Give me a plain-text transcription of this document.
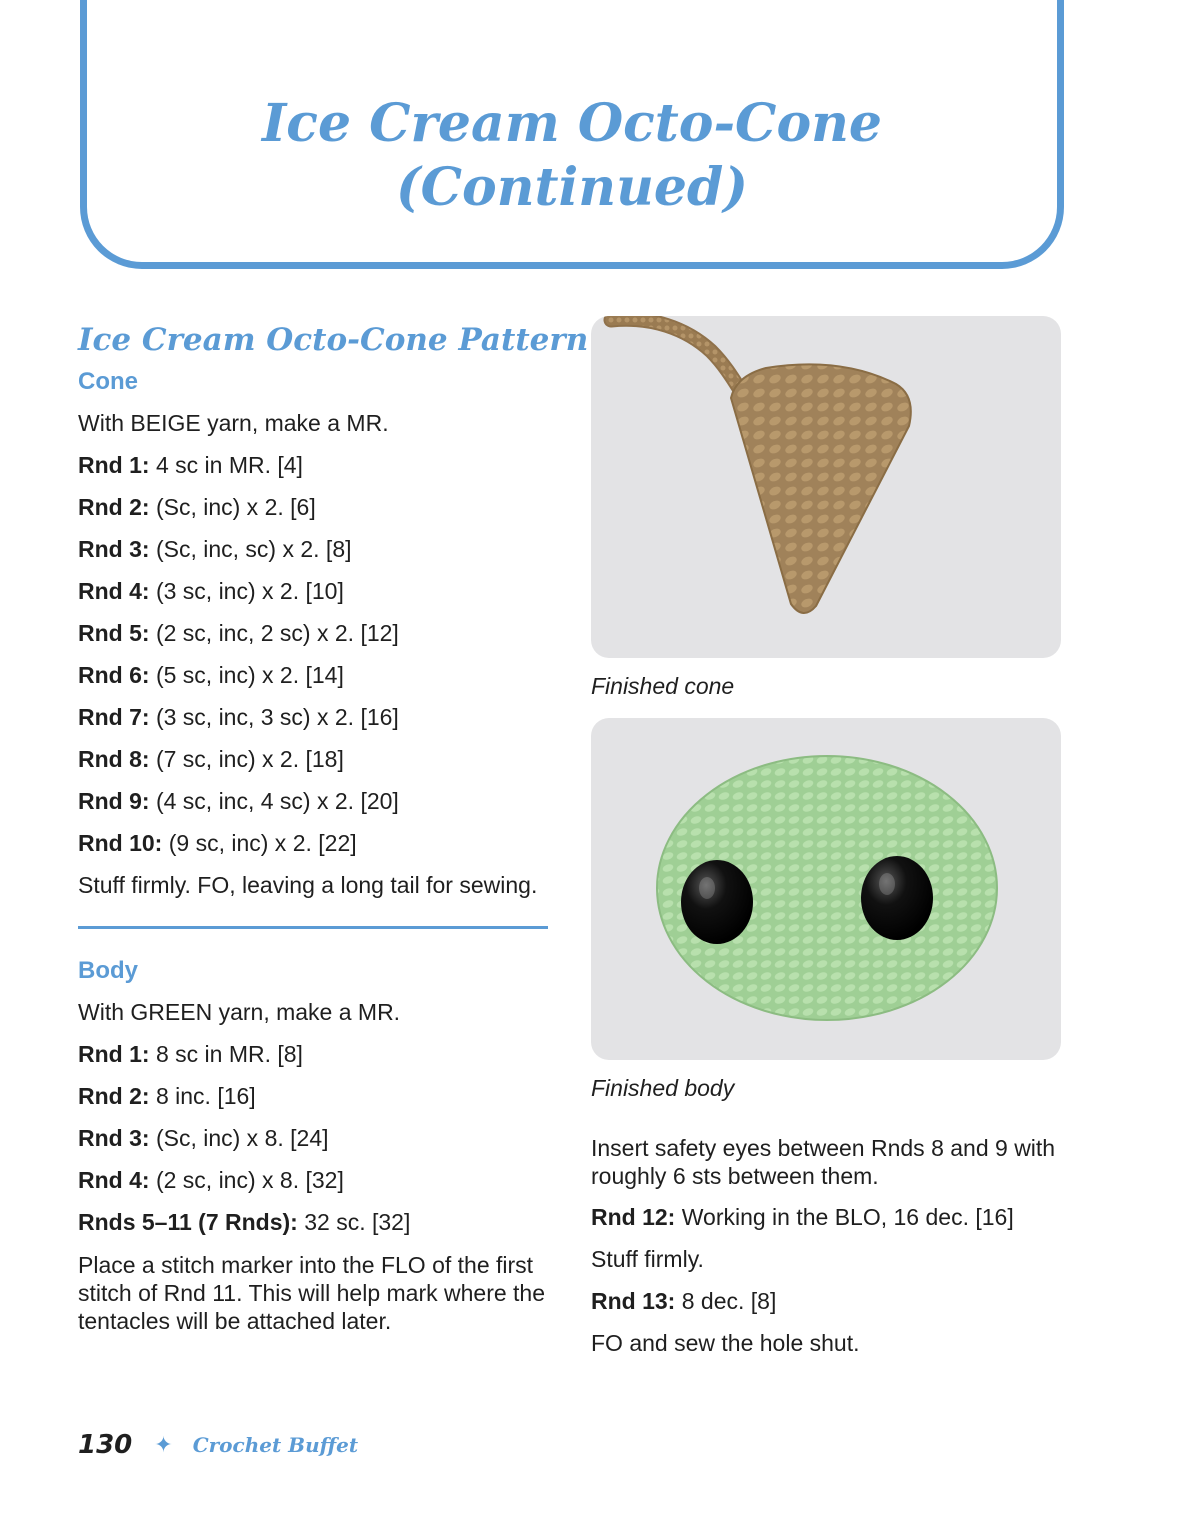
Ice Cream Octo-Cone
(Continued)
Ice Cream Octo-Cone Pattern
Cone

With BEIGE yarn, make a MR.

Rnd 1: 4 sc in MR. [4]

Rnd 2: (Sc, inc) x 2. [6]

Rnd 3: (Sc, inc, sc) x 2. [8]

Rnd 4: (3 sc, inc) x 2. [10]

Rnd 5: (2 sc, inc, 2 sc) x 2. [12]

Rnd 6: (5 sc, inc) x 2. [14]

Rnd 7: (3 sc, inc, 3 sc) x 2. [16]

Rnd 8: (7 sc, inc) x 2. [18]

Rnd 9: (4 sc, inc, 4 sc) x 2. [20]

Rnd 10: (9 sc, inc) x 2. [22]

Stuff firmly. FO, leaving a long tail for sewing.

Body

With GREEN yarn, make a MR.

Rnd 1: 8 sc in MR. [8]

Rnd 2: 8 inc. [16]

Rnd 3: (Sc, inc) x 8. [24]

Rnd 4: (2 sc, inc) x 8. [32]

Rnds 5–11 (7 Rnds): 32 sc. [32]

Place a stitch marker into the FLO of the first stitch of Rnd 11. This will help mark where the tentacles will be attached later.

Finished cone

Finished body

Insert safety eyes between Rnds 8 and 9 with roughly 6 sts between them.

Rnd 12: Working in the BLO, 16 dec. [16]

Stuff firmly.

Rnd 13: 8 dec. [8]

FO and sew the hole shut.

130 ✦ Crochet Buffet
